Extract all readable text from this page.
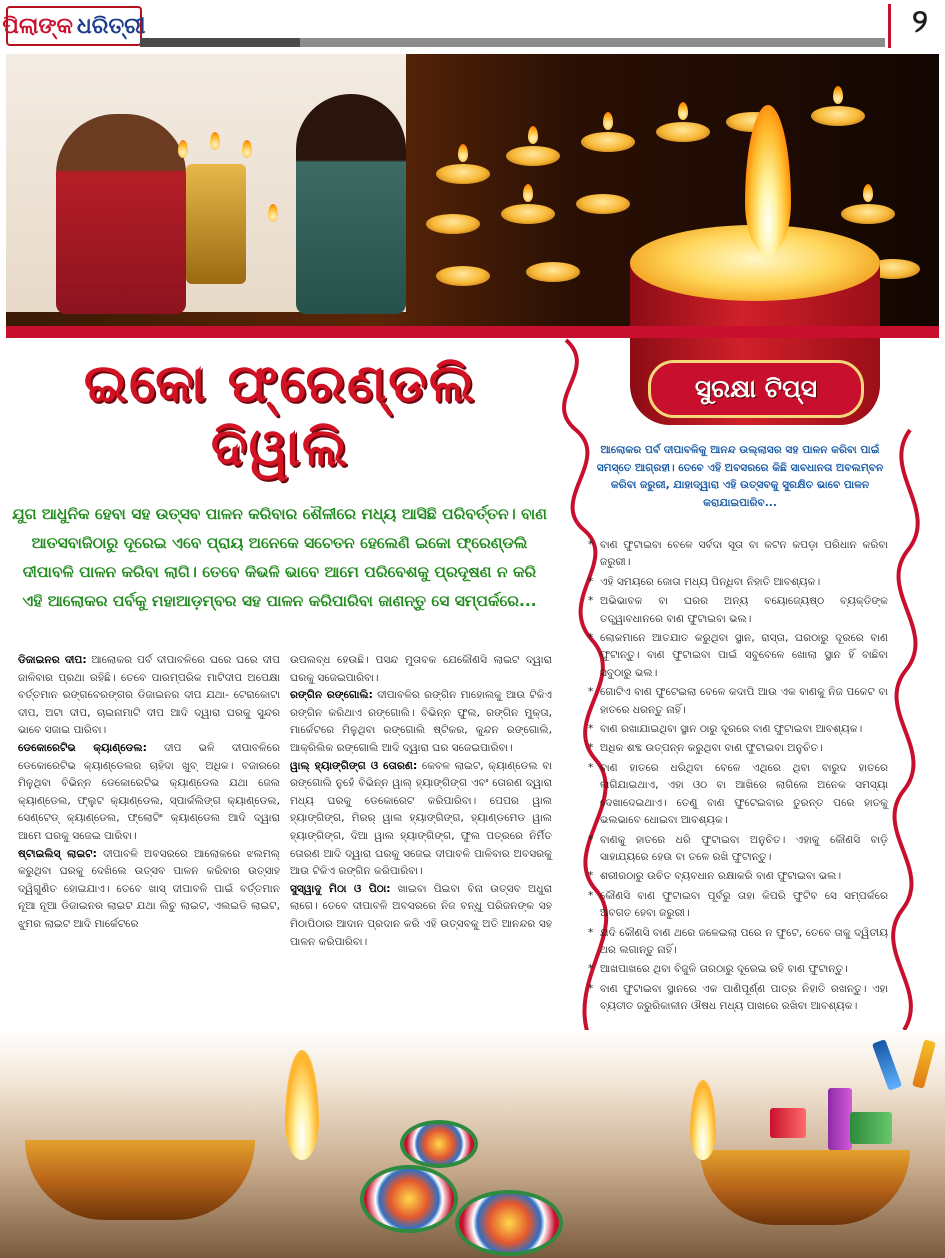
ପିଲାଙ୍କ ଧରିତ୍ରୀ	୨
ସୁରକ୍ଷା ଟିପ୍ସ
ଇକୋ ଫ୍ରେଣ୍ଡଲି
ଦିୱାଲି
ଯୁଗ ଆଧୁନିକ ହେବା ସହ ଉତ୍ସବ ପାଳନ କରିବାର ଶୈଳୀରେ ମଧ୍ୟ ଆସିଛି ପରିବର୍ତ୍ତନ। ବାଣ ଆତସବାଜିଠାରୁ ଦୂରେଇ ଏବେ ପ୍ରାୟ ଅନେକେ ସଚେତନ ହେଲେଣି ଇକୋ ଫ୍ରେଣ୍ଡଲି ଦୀପାବଳି ପାଳନ କରିବା ଲାଗି। ତେବେ କିଭଳି ଭାବେ ଆମେ ପରିବେଶକୁ ପ୍ରଦୂଷଣ ନ କରି ଏହି ଆଲୋକର ପର୍ବକୁ ମହାଆଡ଼ମ୍ବର ସହ ପାଳନ କରିପାରିବା ଜାଣନ୍ତୁ ସେ ସମ୍ପର୍କରେ...

ଡିଜାଇନର ଦୀପ: ଆଲୋକର ପର୍ବ ଦୀପାବଳିରେ ଘରେ ଘରେ ଦୀପ ଜାଳିବାର ପ୍ରଥା ରହିଛି। ତେବେ ପାରମ୍ପରିକ ମାଟିଦୀପ ଅପେକ୍ଷା ବର୍ତ୍ତମାନ ରଙ୍ଗବେରଙ୍ଗର ଡିଜାଇନର ଦୀପ ଯଥା- ଟେରାକୋଟା ଦୀପ, ଅଟା ଦୀପ, ଚାଇନାମାଟି ଦୀପ ଆଦି ଦ୍ୱାରା ଘରକୁ ସୁନ୍ଦର ଭାବେ ସଜାଇ ପାରିବା।

ଡେକୋରେଟିଭ କ୍ୟାଣ୍ଡେଲ: ଦୀପ ଭଳି ଦୀପାବଳିରେ ଡେକୋରେଟିଭ କ୍ୟାଣ୍ଡେଲର ଚାହିଦା ଖୁବ୍ ଅଧିକ। ବଜାରରେ ମିଳୁଥିବା ବିଭିନ୍ନ ଡେକୋରେଟିଭ କ୍ୟାଣ୍ଡେଲ ଯଥା ଜେଲ କ୍ୟାଣ୍ଡେଲ, ଫ୍ଲୁଟ କ୍ୟାଣ୍ଡେଲ, ସ୍ପାର୍କଲିଙ୍ଗ କ୍ୟାଣ୍ଡେଲ, ସେଣ୍ଟେଡ୍ କ୍ୟାଣ୍ଡେଲ, ଫ୍ଲୋଟିଂ କ୍ୟାଣ୍ଡେଲ ଆଦି ଦ୍ୱାରା ଆମେ ଘରକୁ ସଜେଇ ପାରିବା।

ଷ୍ଟାଇଲିସ୍ ଲାଇଟ: ଦୀପାବଳି ଅବସରରେ ଆଲୋକରେ ଝଲମଲ୍ କରୁଥିବା ଘରକୁ ଦେଖିଲେ ଉତ୍ସବ ପାଳନ କରିବାର ଉତ୍ସାହ ଦ୍ୱିଗୁଣିତ ହୋଇଯାଏ। ତେବେ ଖାସ୍ ଦୀପାବଳି ପାଇଁ ବର୍ତ୍ତମାନ ନୂଆ ନୂଆ ଡିଜାଇନର ଲାଇଟ ଯଥା ଲିଚୁ ଲାଇଟ, ଏଲଇଡି ଲାଇଟ, ଝୁମର ଲାଇଟ ଆଦି ମାର୍କେଟରେ

ଉପଲବ୍ଧ ହେଉଛି। ପସନ୍ଦ ମୁତାବକ ଯେକୌଣସି ଲାଇଟ ଦ୍ୱାରା ଘରକୁ ସଜେଇପାରିବା।

ରଙ୍ଗିନ ରଙ୍ଗୋଲି: ଦୀପାବଳିର ରଙ୍ଗିନ ମାହୋଲକୁ ଆଉ ଟିକିଏ ରଙ୍ଗିନ କରିଥାଏ ରଙ୍ଗୋଲି। ବିଭିନ୍ନ ଫୁଲ, ରଙ୍ଗିନ ମୁକ୍ତା, ମାର୍କେଟରେ ମିଳୁଥିବା ରଙ୍ଗୋଲି ଷ୍ଟିକର, କୁନ୍ଦନ ରଙ୍ଗୋଲି, ଆକ୍ରିଲିକ ରଙ୍ଗୋଲି ଆଦି ଦ୍ୱାରା ଘର ସଜେଇପାରିବା।

ୱାଲ୍ ହ୍ୟାଙ୍ଗିଙ୍ଗ ଓ ତୋରଣ: କେବଳ ଲାଇଟ, କ୍ୟାଣ୍ଡେଲ ବା ରଙ୍ଗୋଲି ନୁହେଁ ବିଭିନ୍ନ ୱାଲ୍ ହ୍ୟାଙ୍ଗିଙ୍ଗ ଏବଂ ତୋରଣ ଦ୍ୱାରା ମଧ୍ୟ ଘରକୁ ଡେକୋରେଟ କରିପାରିବା। ପେପର ୱାଲ ହ୍ୟାଙ୍ଗିଙ୍ଗ, ମିରର୍ ୱାଲ ହ୍ୟାଙ୍ଗିଙ୍ଗ, ହ୍ୟାଣ୍ଡମେଡ ୱାଲ ହ୍ୟାଙ୍ଗିଙ୍ଗ, ଦିଆ ୱାଲ ହ୍ୟାଙ୍ଗିଙ୍ଗ, ଫୁଲ ପତ୍ରରେ ନିର୍ମିତ ତୋରଣ ଆଦି ଦ୍ୱାରା ଘରକୁ ସଜେଇ ଦୀପାବଳି ପାଳିବାର ଅବସରକୁ ଆଉ ଟିକିଏ ରଙ୍ଗିନ କରିପାରିବା।

ସୁସ୍ୱାଦୁ ମିଠା ଓ ପିଠା: ଖାଇବା ପିଇବା ବିନା ଉତ୍ସବ ଅଧୁରା ଲାଗେ। ତେବେ ଦୀପାବଳି ଅବସରରେ ନିଜ ବନ୍ଧୁ ପରିଜନଙ୍କ ସହ ମିଠାପିଠାର ଆଦାନ ପ୍ରଦାନ କରି ଏହି ଉତ୍ସବକୁ ଅତି ଆନନ୍ଦର ସହ ପାଳନ କରିପାରିବା।

ଆଲୋକର ପର୍ବ ଦୀପାବଳିକୁ ଆନନ୍ଦ ଉଲ୍ଲାସର ସହ ପାଳନ କରିବା ପାଇଁ ସମସ୍ତେ ଆଗ୍ରହୀ। ତେବେ ଏହି ଅବସରରେ କିଛି ସାବଧାନତା ଅବଲମ୍ବନ କରିବା ଜରୁରୀ, ଯାହାଦ୍ୱାରା ଏହି ଉତ୍ସବକୁ ସୁରକ୍ଷିତ ଭାବେ ପାଳନ କରାଯାଇପାରିବ...
* ବାଣ ଫୁଟାଇବା ବେଳେ ସର୍ବଦା ସୂତା ବା କଟନ କପଡ଼ା ପରିଧାନ କରିବା ଜରୁରୀ।
* ଏହି ସମୟରେ ଜୋତା ମଧ୍ୟ ପିନ୍ଧିବା ନିହାତି ଆବଶ୍ୟକ।
* ଅଭିଭାବକ ବା ଘରର ଅନ୍ୟ ବୟୋଜ୍ୟେଷ୍ଠ ବ୍ୟକ୍ତିଙ୍କ ତତ୍ତ୍ୱାବଧାନରେ ବାଣ ଫୁଟାଇବା ଭଲ।
* ଲୋକମାନେ ଆତଯାତ କରୁଥିବା ସ୍ଥାନ, ରାସ୍ତା, ଘରଠାରୁ ଦୂରରେ ବାଣ ଫୁଟାନ୍ତୁ। ବାଣ ଫୁଟାଇବା ପାଇଁ ସବୁବେଳେ ଖୋଲା ସ୍ଥାନ ହିଁ ବାଛିବା ସବୁଠାରୁ ଭଲ।
* ଗୋଟିଏ ବାଣ ଫୁଟେଇଲା ବେଳେ କଦାପି ଆଉ ଏକ ବାଣକୁ ନିଜ ପକେଟ ବା ହାତରେ ଧରନ୍ତୁ ନାହିଁ।
* ବାଣ ରଖାଯାଇଥିବା ସ୍ଥାନ ଠାରୁ ଦୂରରେ ବାଣ ଫୁଟାଇବା ଆବଶ୍ୟକ।
* ଅଧିକ ଶବ୍ଦ ଉତ୍ପନ୍ନ କରୁଥିବା ବାଣ ଫୁଟାଇବା ଅନୁଚିତ।
* ବାଣ ହାତରେ ଧରିଥିବା ବେଳେ ଏଥିରେ ଥିବା ବାରୁଦ ହାତରେ ଲାଗିଯାଇଥାଏ, ଏହା ଓଠ ବା ଆଖିରେ ଲାଗିଲେ ଅନେକ ସମସ୍ୟା ଦେଖାଦେଇଥାଏ। ତେଣୁ ବାଣ ଫୁଟେଇବାର ତୁରନ୍ତ ପରେ ହାତକୁ ଭଲଭାବେ ଧୋଇବା ଆବଶ୍ୟକ।
* ବାଣକୁ ହାତରେ ଧରି ଫୁଟାଇବା ଅନୁଚିତ। ଏହାକୁ କୌଣସି ବାଡ଼ି ସାହାଯ୍ୟରେ ହେଉ ବା ତଳେ ରଖି ଫୁଟାନ୍ତୁ।
* ଶରୀରଠାରୁ ଉଚିତ ବ୍ୟବଧାନ ରକ୍ଷାକରି ବାଣ ଫୁଟାଇବା ଭଲ।
* କୌଣସି ବାଣ ଫୁଟାଇବା ପୂର୍ବରୁ ତାହା କିପରି ଫୁଟିବ ସେ ସମ୍ପର୍କରେ ଅବଗତ ହେବା ଜରୁରୀ।
* ଯଦି କୌଣସି ବାଣ ଥରେ ଜଳେଇଲା ପରେ ନ ଫୁଟେ, ତେବେ ତାକୁ ଦ୍ୱିତୀୟ ଥର ଲଗାନ୍ତୁ ନାହିଁ।
* ଆଖପାଖରେ ଥିବା ବିଜୁଳି ତାରଠାରୁ ଦୂରେଇ ରହି ବାଣ ଫୁଟାନ୍ତୁ।
* ବାଣ ଫୁଟାଇବା ସ୍ଥାନରେ ଏକ ପାଣିପୂର୍ଣ୍ଣ ପାତ୍ର ନିହାତି ରଖନ୍ତୁ। ଏହା ବ୍ୟତୀତ ଜରୁରିକାଳୀନ ଔଷଧ ମଧ୍ୟ ପାଖରେ ରଖିବା ଆବଶ୍ୟକ।
